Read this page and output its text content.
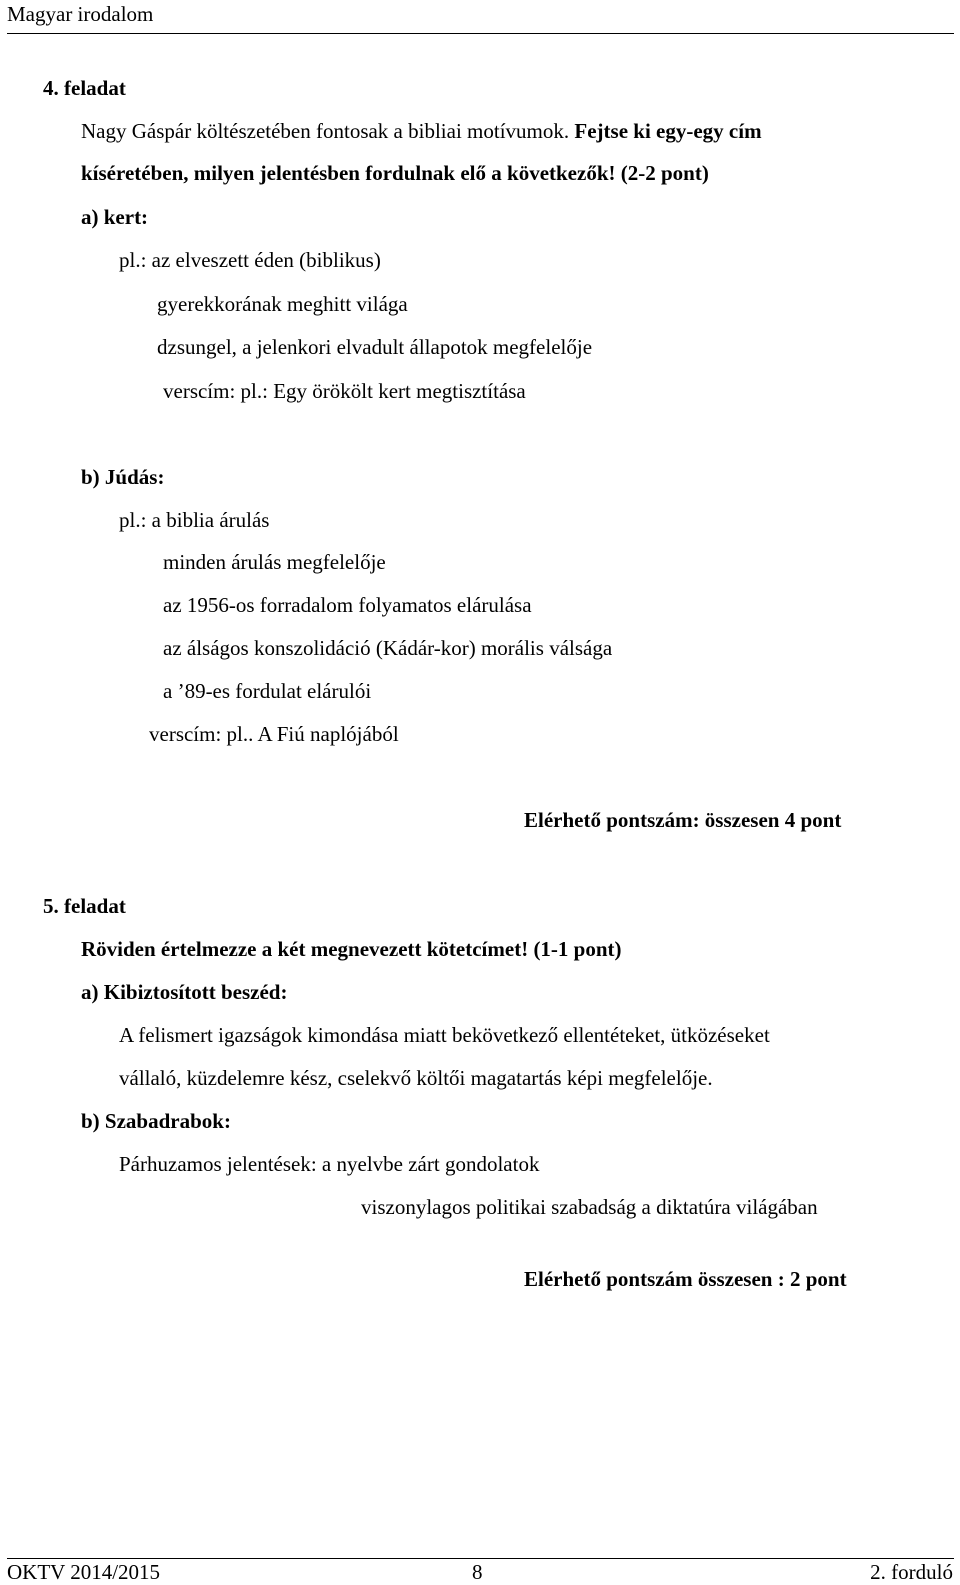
Magyar irodalom
4. feladat
Nagy Gáspár költészetében fontosak a bibliai motívumok. Fejtse ki egy-egy cím
kíséretében, milyen jelentésben fordulnak elő a következők! (2-2 pont)
a) kert:
pl.: az elveszett éden (biblikus)
gyerekkorának meghitt világa
dzsungel, a jelenkori elvadult állapotok megfelelője
verscím: pl.: Egy örökölt kert megtisztítása
b) Júdás:
pl.: a biblia árulás
minden árulás megfelelője
az 1956-os forradalom folyamatos elárulása
az álságos konszolidáció (Kádár-kor) morális válsága
a ’89-es fordulat elárulói
verscím: pl.. A Fiú naplójából
Elérhető pontszám: összesen 4 pont
5. feladat
Röviden értelmezze a két megnevezett kötetcímet! (1-1 pont)
a) Kibiztosított beszéd:
A felismert igazságok kimondása miatt bekövetkező ellentéteket, ütközéseket
vállaló, küzdelemre kész, cselekvő költői magatartás képi megfelelője.
b) Szabadrabok:
Párhuzamos jelentések: a nyelvbe zárt gondolatok
viszonylagos politikai szabadság a diktatúra világában
Elérhető pontszám összesen : 2 pont
OKTV 2014/2015	8	2. forduló
